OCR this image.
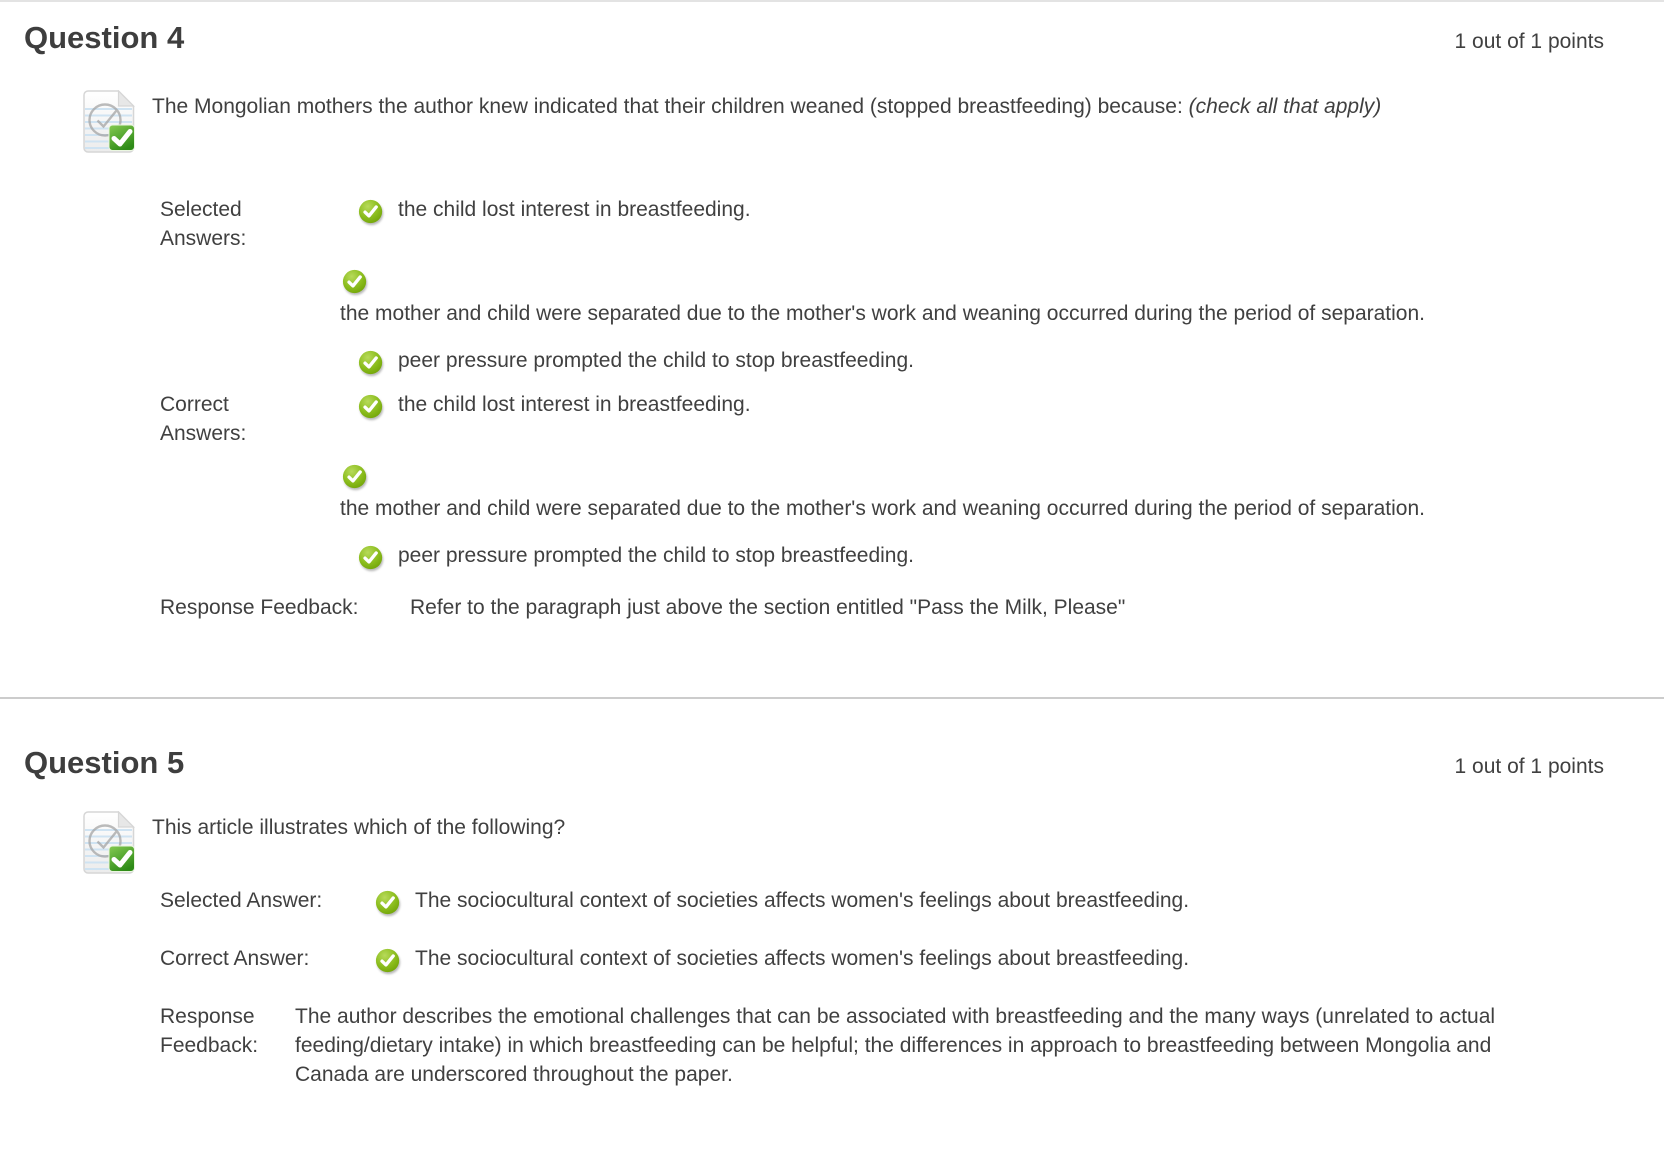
Question 4	1 out of 1 points
The Mongolian mothers the author knew indicated that their children weaned (stopped breastfeeding) because: (check all that apply)
Selected Answers:
the child lost interest in breastfeeding.
the mother and child were separated due to the mother's work and weaning occurred during the period of separation.
peer pressure prompted the child to stop breastfeeding.
Correct Answers:
the child lost interest in breastfeeding.
the mother and child were separated due to the mother's work and weaning occurred during the period of separation.
peer pressure prompted the child to stop breastfeeding.
Response Feedback:	Refer to the paragraph just above the section entitled "Pass the Milk, Please"
Question 5	1 out of 1 points
This article illustrates which of the following?
Selected Answer:	The sociocultural context of societies affects women's feelings about breastfeeding.
Correct Answer:	The sociocultural context of societies affects women's feelings about breastfeeding.
Response Feedback:
The author describes the emotional challenges that can be associated with breastfeeding and the many ways (unrelated to actual feeding/dietary intake) in which breastfeeding can be helpful; the differences in approach to breastfeeding between Mongolia and Canada are underscored throughout the paper.
